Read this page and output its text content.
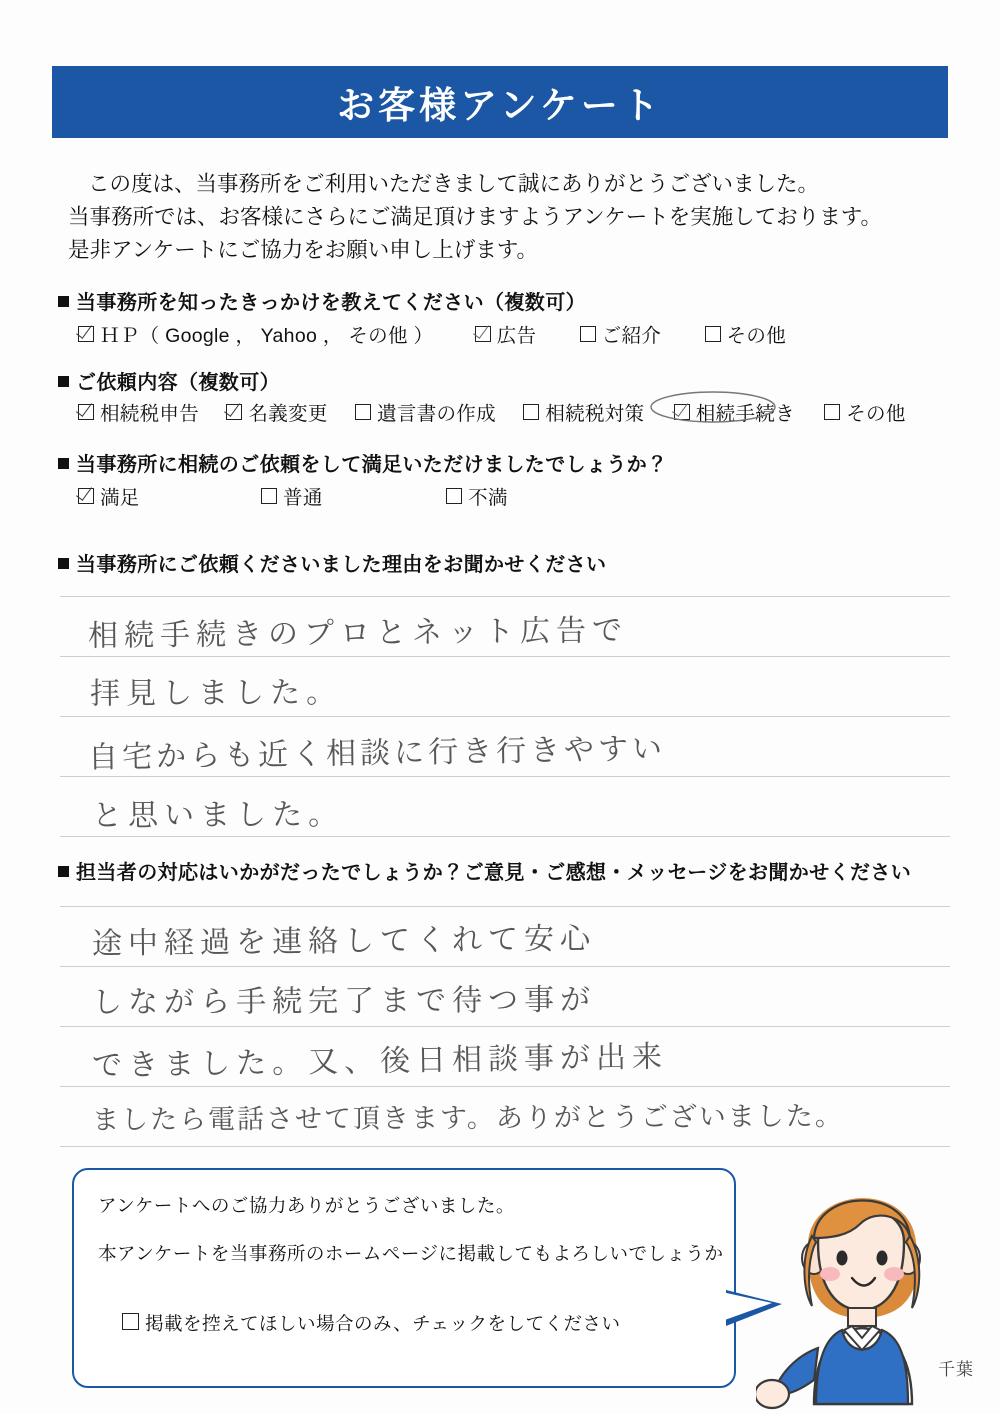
お客様アンケート
この度は、当事務所をご利用いただきまして誠にありがとうございました。
当事務所では、お客様にさらにご満足頂けますようアンケートを実施しております。
是非アンケートにご協力をお願い申し上げます。
当事務所を知ったきっかけを教えてください（複数可）
ＨＰ（ Google ， Yahoo ， その他 ）	広告	ご紹介	その他
ご依頼内容（複数可）
相続税申告	名義変更	遺言書の作成	相続税対策	相続手続き	その他
当事務所に相続のご依頼をして満足いただけましたでしょうか？
満足	普通	不満
当事務所にご依頼くださいました理由をお聞かせください
相続手続きのプロとネット広告で
拝見しました。
自宅からも近く相談に行き行きやすい
と思いました。
担当者の対応はいかがだったでしょうか？ご意見・ご感想・メッセージをお聞かせください
途中経過を連絡してくれて安心
しながら手続完了まで待つ事が
できました。又、後日相談事が出来
ましたら電話させて頂きます。ありがとうございました。
アンケートへのご協力ありがとうございました。
本アンケートを当事務所のホームページに掲載してもよろしいでしょうか
掲載を控えてほしい場合のみ、チェックをしてください
千葉
